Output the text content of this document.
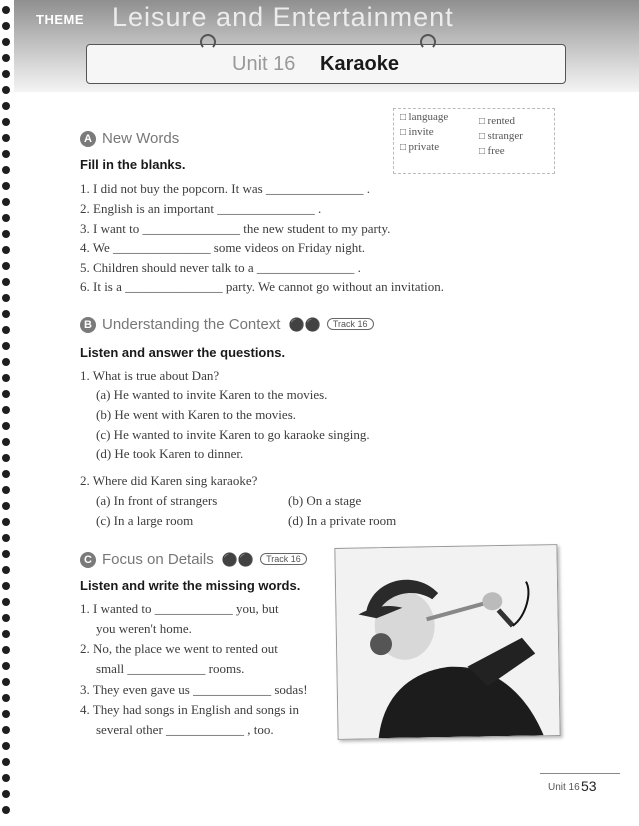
THEME Leisure and Entertainment
Unit 16 Karaoke
□ language
□ invite
□ private
□ rented
□ stranger
□ free
A New Words
Fill in the blanks.
1. I did not buy the popcorn. It was _______________ .
2. English is an important _______________ .
3. I want to _______________ the new student to my party.
4. We _______________ some videos on Friday night.
5. Children should never talk to a _______________ .
6. It is a _______________ party. We cannot go without an invitation.
B Understanding the Context ⚫⚫ Track 16
Listen and answer the questions.
1. What is true about Dan?
(a) He wanted to invite Karen to the movies.
(b) He went with Karen to the movies.
(c) He wanted to invite Karen to go karaoke singing.
(d) He took Karen to dinner.
2. Where did Karen sing karaoke?
(a) In front of strangers	(b) On a stage
(c) In a large room	(d) In a private room
C Focus on Details ⚫⚫ Track 16
Listen and write the missing words.
1. I wanted to ____________ you, but
you weren't home.
2. No, the place we went to rented out
small ____________ rooms.
3. They even gave us ____________ sodas!
4. They had songs in English and songs in
several other ____________ , too.
Unit 16 53
